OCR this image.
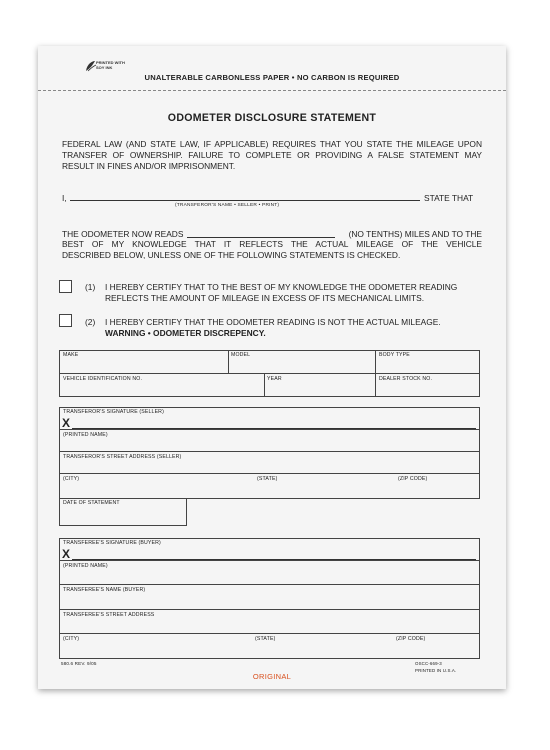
PRINTED WITH SOY INK
UNALTERABLE CARBONLESS PAPER • NO CARBON IS REQUIRED
ODOMETER DISCLOSURE STATEMENT
FEDERAL LAW (AND STATE LAW, IF APPLICABLE) REQUIRES THAT YOU STATE THE MILEAGE UPON
TRANSFER OF OWNERSHIP. FAILURE TO COMPLETE OR PROVIDING A FALSE STATEMENT MAY
RESULT IN FINES AND/OR IMPRISONMENT.
I,	STATE THAT
(TRANSFEROR'S NAME • SELLER • PRINT)
THE ODOMETER NOW READS	(NO TENTHS) MILES AND TO THE
BEST OF MY KNOWLEDGE THAT IT REFLECTS THE ACTUAL MILEAGE OF THE VEHICLE
DESCRIBED BELOW, UNLESS ONE OF THE FOLLOWING STATEMENTS IS CHECKED.
(1) I HEREBY CERTIFY THAT TO THE BEST OF MY KNOWLEDGE THE ODOMETER READING
REFLECTS THE AMOUNT OF MILEAGE IN EXCESS OF ITS MECHANICAL LIMITS.
(2) I HEREBY CERTIFY THAT THE ODOMETER READING IS NOT THE ACTUAL MILEAGE.
WARNING • ODOMETER DISCREPENCY.
MAKE	MODEL	BODY TYPE
VEHICLE IDENTIFICATION NO.	YEAR	DEALER STOCK NO.
TRANSFEROR'S SIGNATURE (SELLER)
X
(PRINTED NAME)
TRANSFEROR'S STREET ADDRESS (SELLER)
(CITY)	(STATE)	(ZIP CODE)
DATE OF STATEMENT
TRANSFEREE'S SIGNATURE (BUYER)
X
(PRINTED NAME)
TRANSFEREE'S NAME (BUYER)
TRANSFEREE'S STREET ADDRESS
(CITY)	(STATE)	(ZIP CODE)
580.6 REV. 9/05	OSCC-669-3
PRINTED IN U.S.A.
ORIGINAL
